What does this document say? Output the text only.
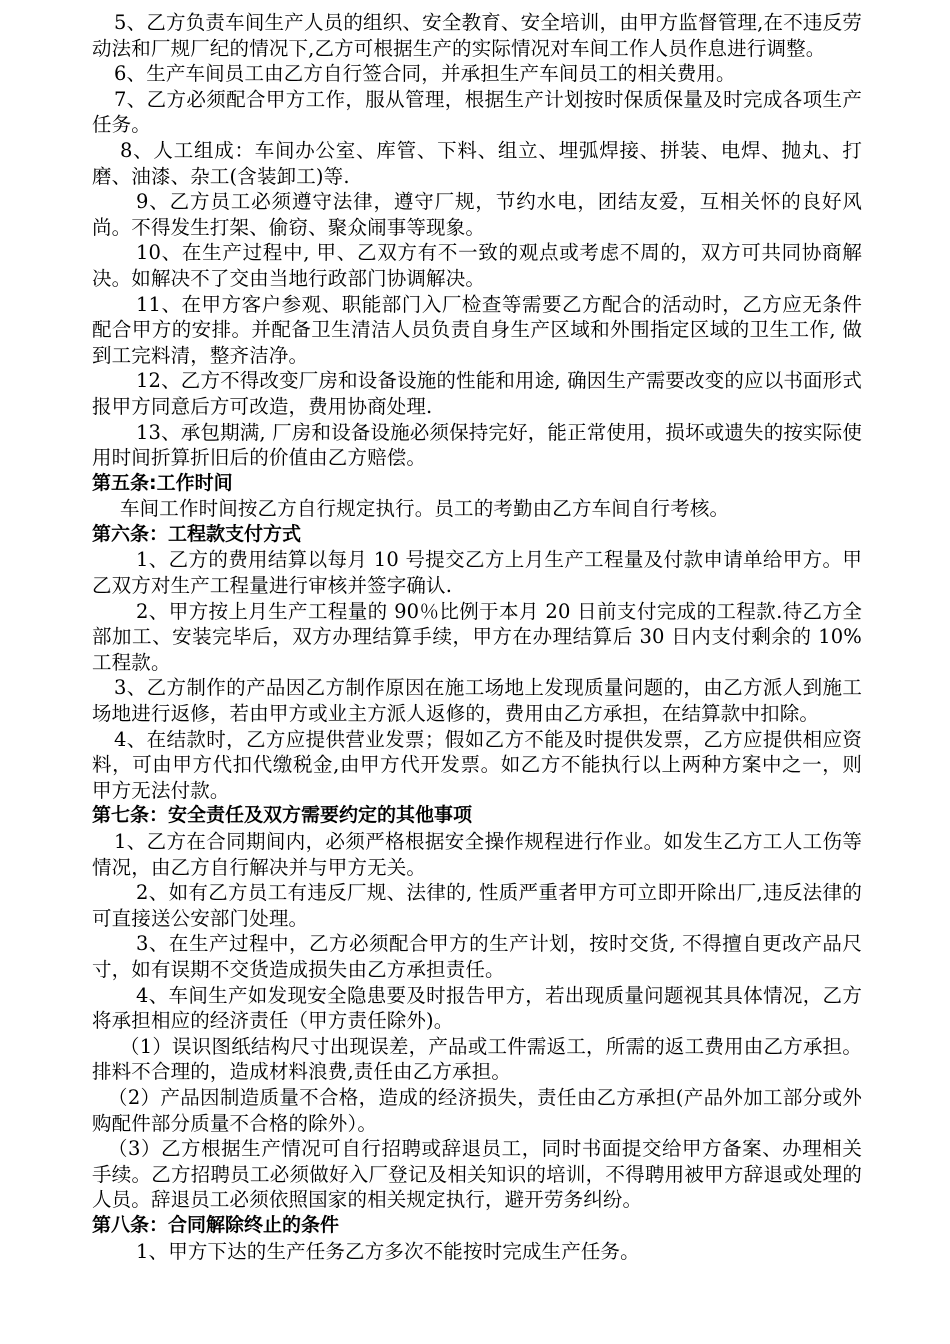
5、乙方负责车间生产人员的组织、安全教育、安全培训，由甲方监督管理,在不违反劳动法和厂规厂纪的情况下,乙方可根据生产的实际情况对车间工作人员作息进行调整。

6、生产车间员工由乙方自行签合同，并承担生产车间员工的相关费用。

7、乙方必须配合甲方工作，服从管理，根据生产计划按时保质保量及时完成各项生产任务。

8、人工组成：车间办公室、库管、下料、组立、埋弧焊接、拼装、电焊、抛丸、打磨、油漆、杂工(含装卸工)等.

9、乙方员工必须遵守法律，遵守厂规，节约水电，团结友爱，互相关怀的良好风尚。不得发生打架、偷窃、聚众闹事等现象。

10、在生产过程中, 甲、乙双方有不一致的观点或考虑不周的，双方可共同协商解决。如解决不了交由当地行政部门协调解决。

11、在甲方客户参观、职能部门入厂检查等需要乙方配合的活动时，乙方应无条件配合甲方的安排。并配备卫生清洁人员负责自身生产区域和外围指定区域的卫生工作, 做到工完料清，整齐洁净。

12、乙方不得改变厂房和设备设施的性能和用途, 确因生产需要改变的应以书面形式报甲方同意后方可改造，费用协商处理.

13、承包期满, 厂房和设备设施必须保持完好，能正常使用，损坏或遗失的按实际使用时间折算折旧后的价值由乙方赔偿。

第五条:工作时间

车间工作时间按乙方自行规定执行。员工的考勤由乙方车间自行考核。

第六条：工程款支付方式

1、乙方的费用结算以每月 10 号提交乙方上月生产工程量及付款申请单给甲方。甲乙双方对生产工程量进行审核并签字确认.

2、甲方按上月生产工程量的 90％比例于本月 20 日前支付完成的工程款.待乙方全部加工、安装完毕后，双方办理结算手续，甲方在办理结算后 30 日内支付剩余的 10%工程款。

3、乙方制作的产品因乙方制作原因在施工场地上发现质量问题的，由乙方派人到施工场地进行返修，若由甲方或业主方派人返修的，费用由乙方承担，在结算款中扣除。

4、在结款时，乙方应提供营业发票；假如乙方不能及时提供发票，乙方应提供相应资料，可由甲方代扣代缴税金,由甲方代开发票。如乙方不能执行以上两种方案中之一，则甲方无法付款。

第七条：安全责任及双方需要约定的其他事项

1、乙方在合同期间内，必须严格根据安全操作规程进行作业。如发生乙方工人工伤等情况，由乙方自行解决并与甲方无关。

2、如有乙方员工有违反厂规、法律的, 性质严重者甲方可立即开除出厂,违反法律的可直接送公安部门处理。

3、在生产过程中，乙方必须配合甲方的生产计划，按时交货, 不得擅自更改产品尺寸，如有误期不交货造成损失由乙方承担责任。

4、车间生产如发现安全隐患要及时报告甲方，若出现质量问题视其具体情况，乙方将承担相应的经济责任（甲方责任除外)。

（1）误识图纸结构尺寸出现误差，产品或工件需返工，所需的返工费用由乙方承担。排料不合理的，造成材料浪费,责任由乙方承担。

（2）产品因制造质量不合格，造成的经济损失，责任由乙方承担(产品外加工部分或外购配件部分质量不合格的除外）。

（3）乙方根据生产情况可自行招聘或辞退员工，同时书面提交给甲方备案、办理相关手续。乙方招聘员工必须做好入厂登记及相关知识的培训，不得聘用被甲方辞退或处理的人员。辞退员工必须依照国家的相关规定执行，避开劳务纠纷。

第八条：合同解除终止的条件

1、甲方下达的生产任务乙方多次不能按时完成生产任务。
